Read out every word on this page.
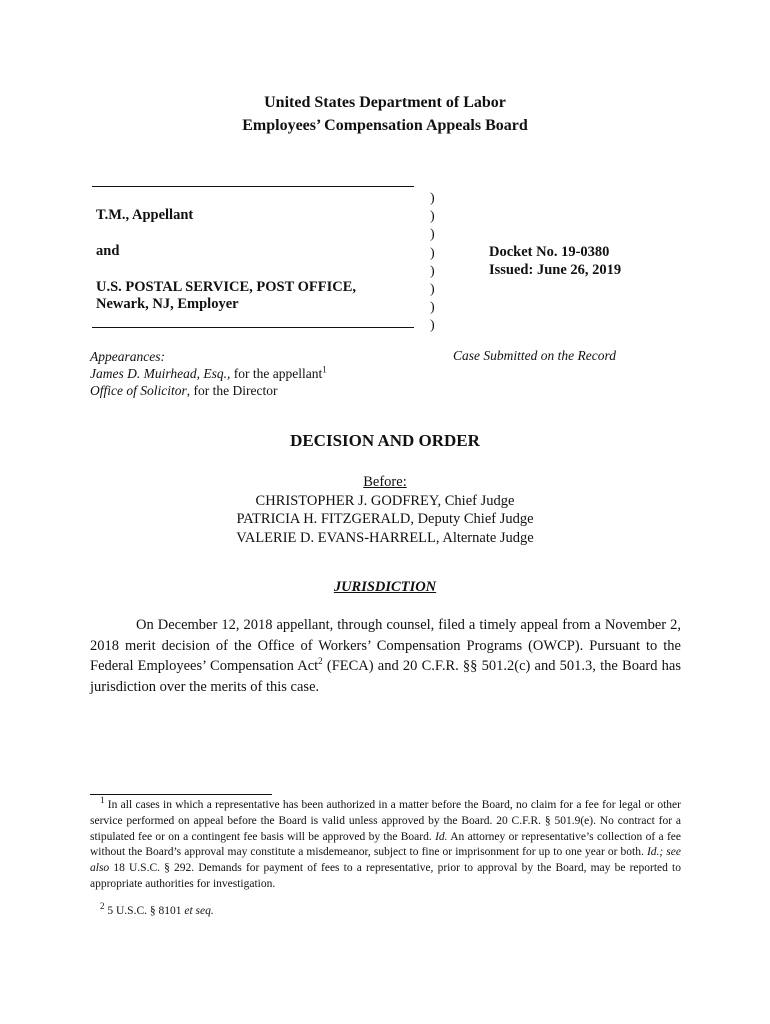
United States Department of Labor
Employees’ Compensation Appeals Board
T.M., Appellant
and
U.S. POSTAL SERVICE, POST OFFICE,
Newark, NJ, Employer
)
)
)
)
)
)
)
)
Docket No. 19-0380
Issued: June 26, 2019
Appearances:
James D. Muirhead, Esq., for the appellant$^1$
Office of Solicitor, for the Director
Case Submitted on the Record
DECISION AND ORDER
Before:
CHRISTOPHER J. GODFREY, Chief Judge
PATRICIA H. FITZGERALD, Deputy Chief Judge
VALERIE D. EVANS-HARRELL, Alternate Judge
JURISDICTION
On December 12, 2018 appellant, through counsel, filed a timely appeal from a November 2, 2018 merit decision of the Office of Workers’ Compensation Programs (OWCP). Pursuant to the Federal Employees’ Compensation Act$^2$ (FECA) and 20 C.F.R. §§ 501.2(c) and 501.3, the Board has jurisdiction over the merits of this case.
$^1$ In all cases in which a representative has been authorized in a matter before the Board, no claim for a fee for legal or other service performed on appeal before the Board is valid unless approved by the Board. 20 C.F.R. § 501.9(e). No contract for a stipulated fee or on a contingent fee basis will be approved by the Board. Id. An attorney or representative’s collection of a fee without the Board’s approval may constitute a misdemeanor, subject to fine or imprisonment for up to one year or both. Id.; see also 18 U.S.C. § 292. Demands for payment of fees to a representative, prior to approval by the Board, may be reported to appropriate authorities for investigation.
$^2$ 5 U.S.C. § 8101 et seq.
